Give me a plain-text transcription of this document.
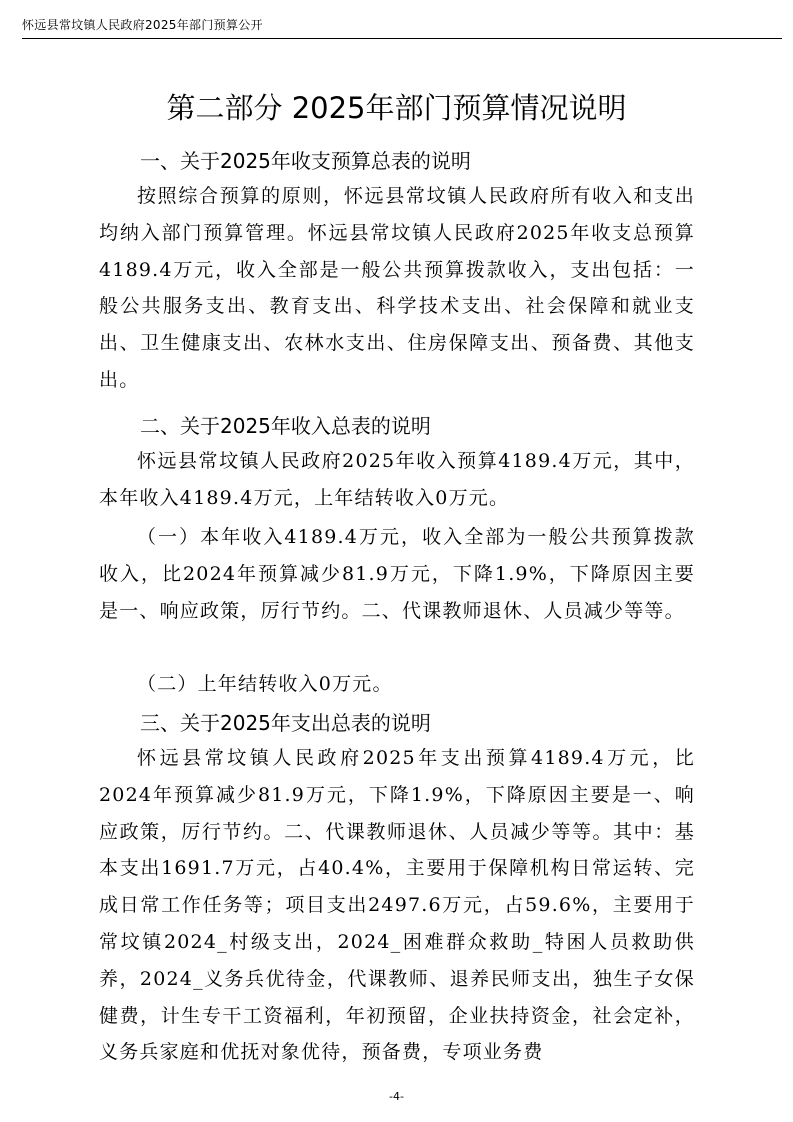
怀远县常坟镇人民政府2025年部门预算公开
第二部分 2025年部门预算情况说明
一、关于2025年收支预算总表的说明

按照综合预算的原则，怀远县常坟镇人民政府所有收入和支出均纳入部门预算管理。怀远县常坟镇人民政府2025年收支总预算4189.4万元，收入全部是一般公共预算拨款收入，支出包括：一般公共服务支出、教育支出、科学技术支出、社会保障和就业支出、卫生健康支出、农林水支出、住房保障支出、预备费、其他支出。

二、关于2025年收入总表的说明

怀远县常坟镇人民政府2025年收入预算4189.4万元，其中，本年收入4189.4万元，上年结转收入0万元。

（一）本年收入4189.4万元，收入全部为一般公共预算拨款收入，比2024年预算减少81.9万元，下降1.9%，下降原因主要是一、响应政策，厉行节约。二、代课教师退休、人员减少等等。

（二）上年结转收入0万元。

三、关于2025年支出总表的说明

怀远县常坟镇人民政府2025年支出预算4189.4万元，比2024年预算减少81.9万元，下降1.9%，下降原因主要是一、响应政策，厉行节约。二、代课教师退休、人员减少等等。其中：基本支出1691.7万元，占40.4%，主要用于保障机构日常运转、完成日常工作任务等；项目支出2497.6万元，占59.6%，主要用于常坟镇2024_村级支出，2024_困难群众救助_特困人员救助供养，2024_义务兵优待金，代课教师、退养民师支出，独生子女保健费，计生专干工资福利，年初预留，企业扶持资金，社会定补，义务兵家庭和优抚对象优待，预备费，专项业务费

-4-
